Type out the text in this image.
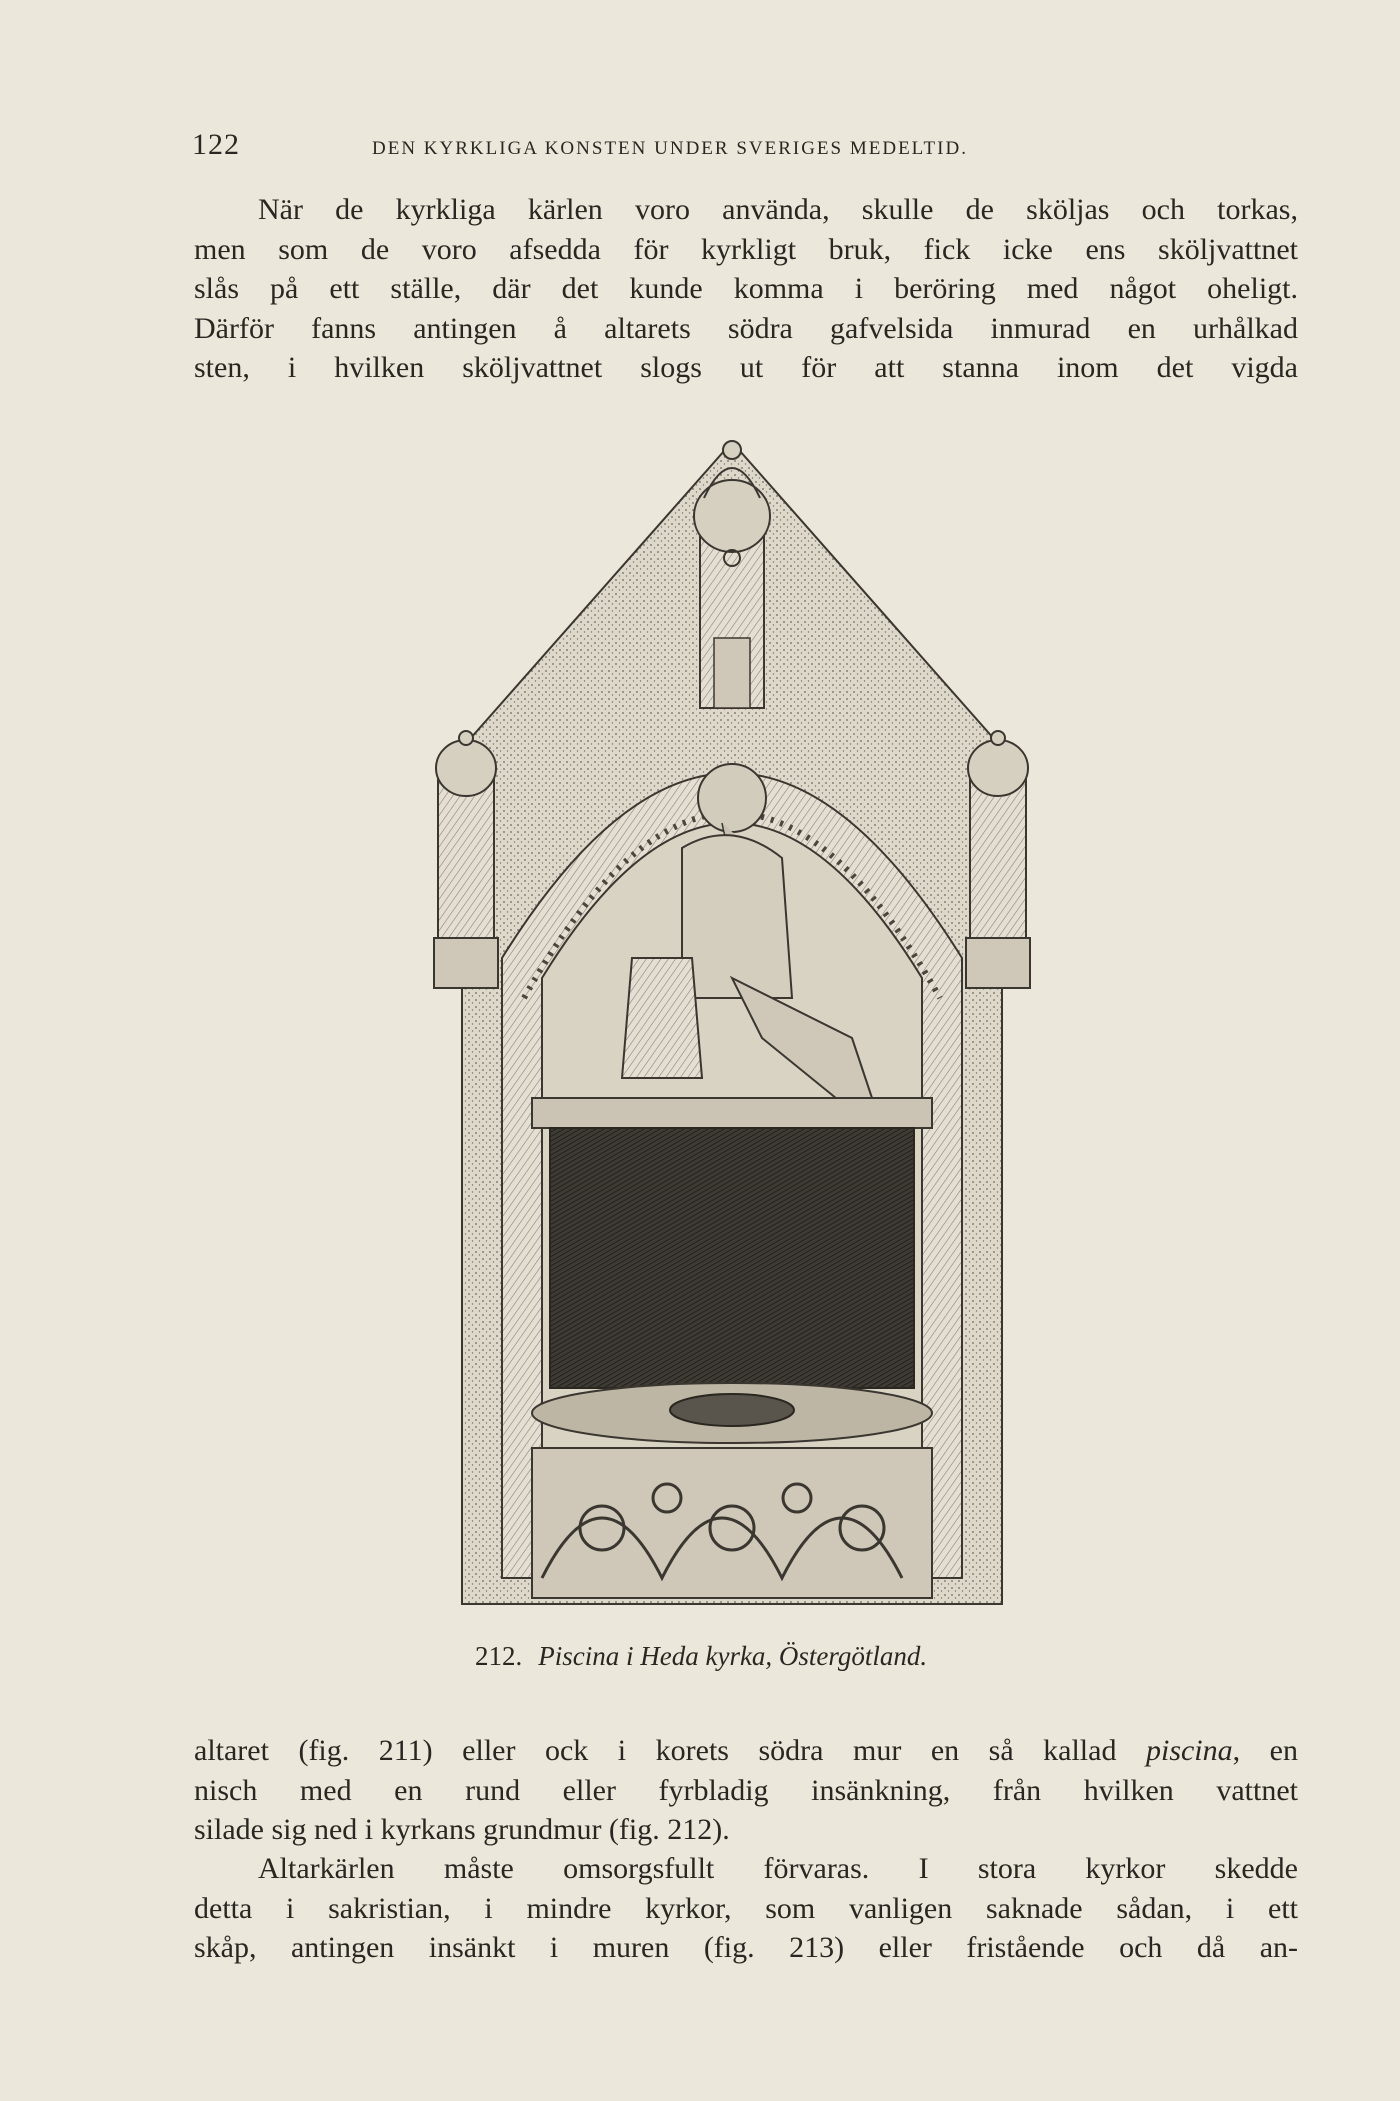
122	DEN KYRKLIGA KONSTEN UNDER SVERIGES MEDELTID.
När de kyrkliga kärlen voro använda, skulle de sköljas och torkas,
men som de voro afsedda för kyrkligt bruk, fick icke ens sköljvattnet
slås på ett ställe, där det kunde komma i beröring med något oheligt.
Därför fanns antingen å altarets södra gafvelsida inmurad en urhålkad
sten, i hvilken sköljvattnet slogs ut för att stanna inom det vigda
212. Piscina i Heda kyrka, Östergötland.
altaret (fig. 211) eller ock i korets södra mur en så kallad piscina, en
nisch med en rund eller fyrbladig insänkning, från hvilken vattnet
silade sig ned i kyrkans grundmur (fig. 212).
Altarkärlen måste omsorgsfullt förvaras. I stora kyrkor skedde
detta i sakristian, i mindre kyrkor, som vanligen saknade sådan, i ett
skåp, antingen insänkt i muren (fig. 213) eller fristående och då an-
